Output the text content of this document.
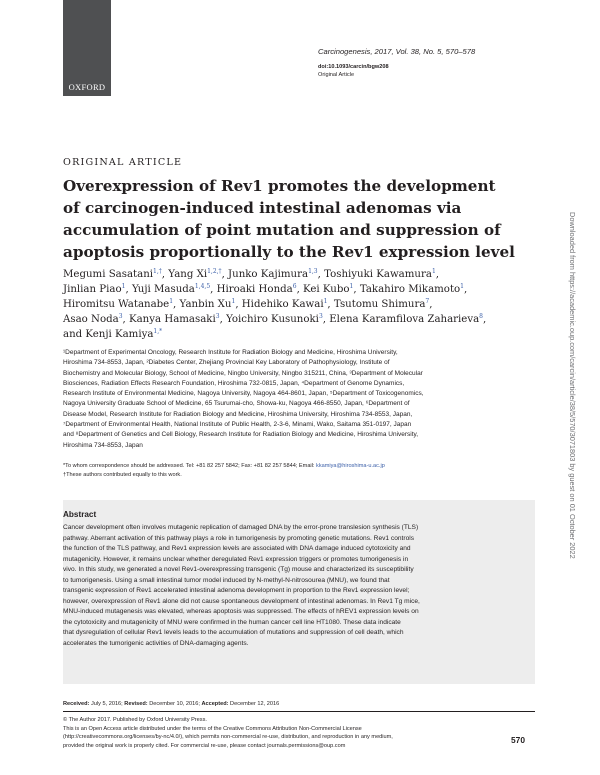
OXFORD
Carcinogenesis, 2017, Vol. 38, No. 5, 570–578
doi:10.1093/carcin/bgw208
Original Article
ORIGINAL ARTICLE
Overexpression of Rev1 promotes the development
of carcinogen-induced intestinal adenomas via
accumulation of point mutation and suppression of
apoptosis proportionally to the Rev1 expression level
Megumi Sasatani$^{1,\dagger}$, Yang $Xi^{1,2,\dagger}$, Junko Kajimura$^{1,3}$, Toshiyuki Kawamura$^1$,
Jinlian Piao$^1$, Yuji Masuda$^{1,4,5}$, Hiroaki Honda$^6$, Kei Kubo$^1$, Takahiro Mikamoto$^1$,
Hiromitsu Watanabe$^1$, Yanbin Xu$^1$, Hidehiko Kawai$^1$, Tsutomu Shimura$^7$,
Asao Noda$^3$, Kanya Hamasaki$^3$, Yoichiro Kusunoki$^3$, Elena Karamfilova Zaharieva$^8$,
and Kenji Kamiya$^{1,*}$
¹Department of Experimental Oncology, Research Institute for Radiation Biology and Medicine, Hiroshima University,
Hiroshima 734-8553, Japan, ²Diabetes Center, Zhejiang Provincial Key Laboratory of Pathophysiology, Institute of
Biochemistry and Molecular Biology, School of Medicine, Ningbo University, Ningbo 315211, China, ³Department of Molecular
Biosciences, Radiation Effects Research Foundation, Hiroshima 732-0815, Japan, ⁴Department of Genome Dynamics,
Research Institute of Environmental Medicine, Nagoya University, Nagoya 464-8601, Japan, ⁵Department of Toxicogenomics,
Nagoya University Graduate School of Medicine, 65 Tsurumai-cho, Showa-ku, Nagoya 466-8550, Japan, ⁶Department of
Disease Model, Research Institute for Radiation Biology and Medicine, Hiroshima University, Hiroshima 734-8553, Japan,
⁷Department of Environmental Health, National Institute of Public Health, 2-3-6, Minami, Wako, Saitama 351-0197, Japan
and ⁸Department of Genetics and Cell Biology, Research Institute for Radiation Biology and Medicine, Hiroshima University,
Hiroshima 734-8553, Japan
*To whom correspondence should be addressed. Tel: +81 82 257 5842; Fax: +81 82 257 5844; Email: kkamiya@hiroshima-u.ac.jp
†These authors contributed equally to this work.
Abstract
Cancer development often involves mutagenic replication of damaged DNA by the error-prone translesion synthesis (TLS)
pathway. Aberrant activation of this pathway plays a role in tumorigenesis by promoting genetic mutations. Rev1 controls
the function of the TLS pathway, and Rev1 expression levels are associated with DNA damage induced cytotoxicity and
mutagenicity. However, it remains unclear whether deregulated Rev1 expression triggers or promotes tumorigenesis in
vivo. In this study, we generated a novel Rev1-overexpressing transgenic (Tg) mouse and characterized its susceptibility
to tumorigenesis. Using a small intestinal tumor model induced by N-methyl-N-nitrosourea (MNU), we found that
transgenic expression of Rev1 accelerated intestinal adenoma development in proportion to the Rev1 expression level;
however, overexpression of Rev1 alone did not cause spontaneous development of intestinal adenomas. In Rev1 Tg mice,
MNU-induced mutagenesis was elevated, whereas apoptosis was suppressed. The effects of hREV1 expression levels on
the cytotoxicity and mutagenicity of MNU were confirmed in the human cancer cell line HT1080. These data indicate
that dysregulation of cellular Rev1 levels leads to the accumulation of mutations and suppression of cell death, which
accelerates the tumorigenic activities of DNA-damaging agents.
Received: July 5, 2016; Revised: December 10, 2016; Accepted: December 12, 2016
© The Author 2017. Published by Oxford University Press.
This is an Open Access article distributed under the terms of the Creative Commons Attribution Non-Commercial License
(http://creativecommons.org/licenses/by-nc/4.0/), which permits non-commercial re-use, distribution, and reproduction in any medium,
provided the original work is properly cited. For commercial re-use, please contact journals.permissions@oup.com
570
Downloaded from https://academic.oup.com/carcin/article/38/5/570/3071803 by guest on 01 October 2022
